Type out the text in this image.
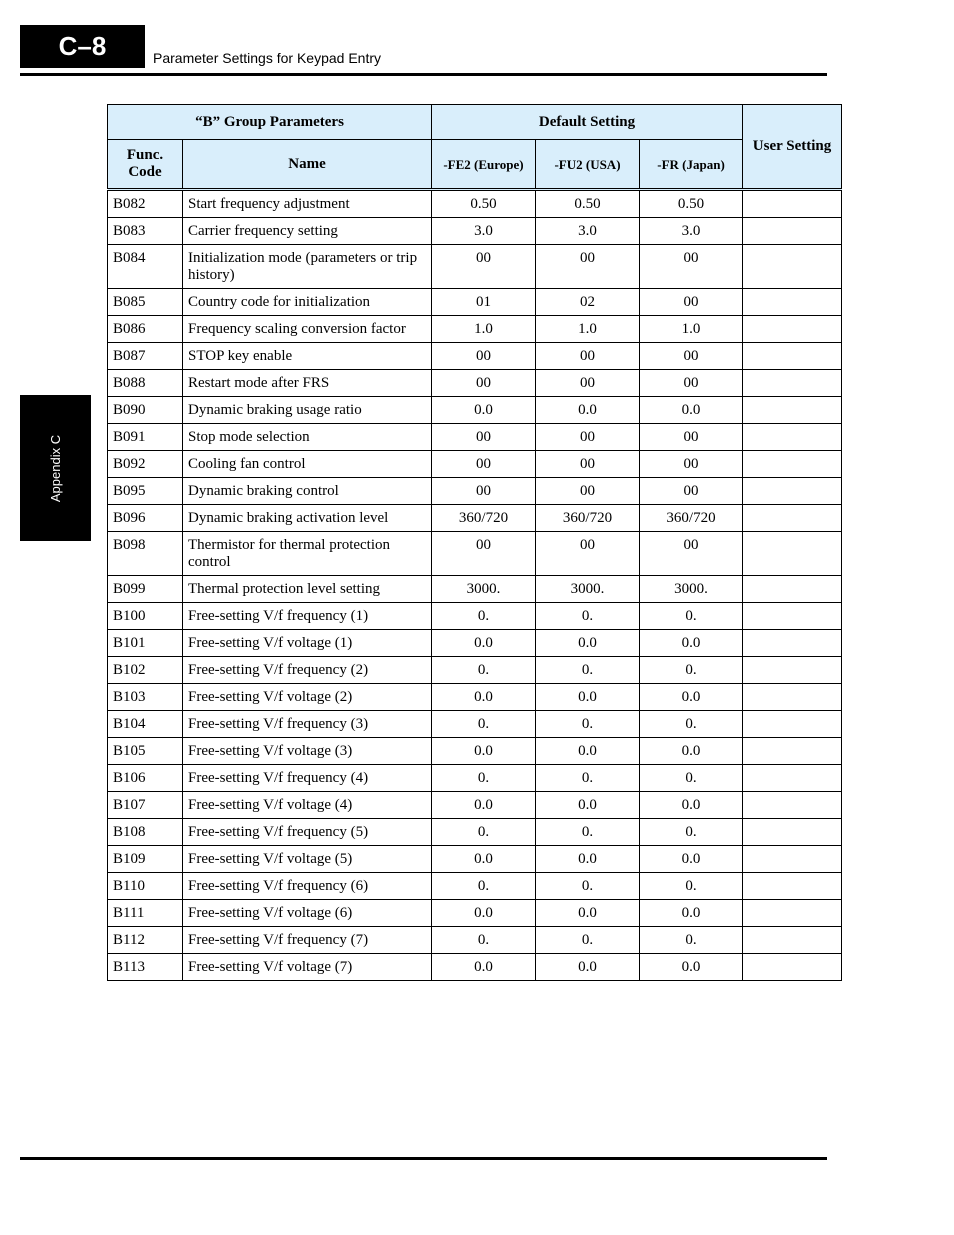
C–8	Parameter Settings for Keypad Entry
Appendix C
“B” Group Parameters		Default Setting			User Setting
Func. Code	Name	-FE2 (Europe)	-FU2 (USA)	-FR (Japan)	
B082	Start frequency adjustment	0.50	0.50	0.50	
B083	Carrier frequency setting	3.0	3.0	3.0	
B084	Initialization mode (parameters or trip history)	00	00	00	
B085	Country code for initialization	01	02	00	
B086	Frequency scaling conversion factor	1.0	1.0	1.0	
B087	STOP key enable	00	00	00	
B088	Restart mode after FRS	00	00	00	
B090	Dynamic braking usage ratio	0.0	0.0	0.0	
B091	Stop mode selection	00	00	00	
B092	Cooling fan control	00	00	00	
B095	Dynamic braking control	00	00	00	
B096	Dynamic braking activation level	360/720	360/720	360/720	
B098	Thermistor for thermal protection control	00	00	00	
B099	Thermal protection level setting	3000.	3000.	3000.	
B100	Free-setting V/f frequency (1)	0.	0.	0.	
B101	Free-setting V/f voltage (1)	0.0	0.0	0.0	
B102	Free-setting V/f frequency (2)	0.	0.	0.	
B103	Free-setting V/f voltage (2)	0.0	0.0	0.0	
B104	Free-setting V/f frequency (3)	0.	0.	0.	
B105	Free-setting V/f voltage (3)	0.0	0.0	0.0	
B106	Free-setting V/f frequency (4)	0.	0.	0.	
B107	Free-setting V/f voltage (4)	0.0	0.0	0.0	
B108	Free-setting V/f frequency (5)	0.	0.	0.	
B109	Free-setting V/f voltage (5)	0.0	0.0	0.0	
B110	Free-setting V/f frequency (6)	0.	0.	0.	
B111	Free-setting V/f voltage (6)	0.0	0.0	0.0	
B112	Free-setting V/f frequency (7)	0.	0.	0.	
B113	Free-setting V/f voltage (7)	0.0	0.0	0.0	
